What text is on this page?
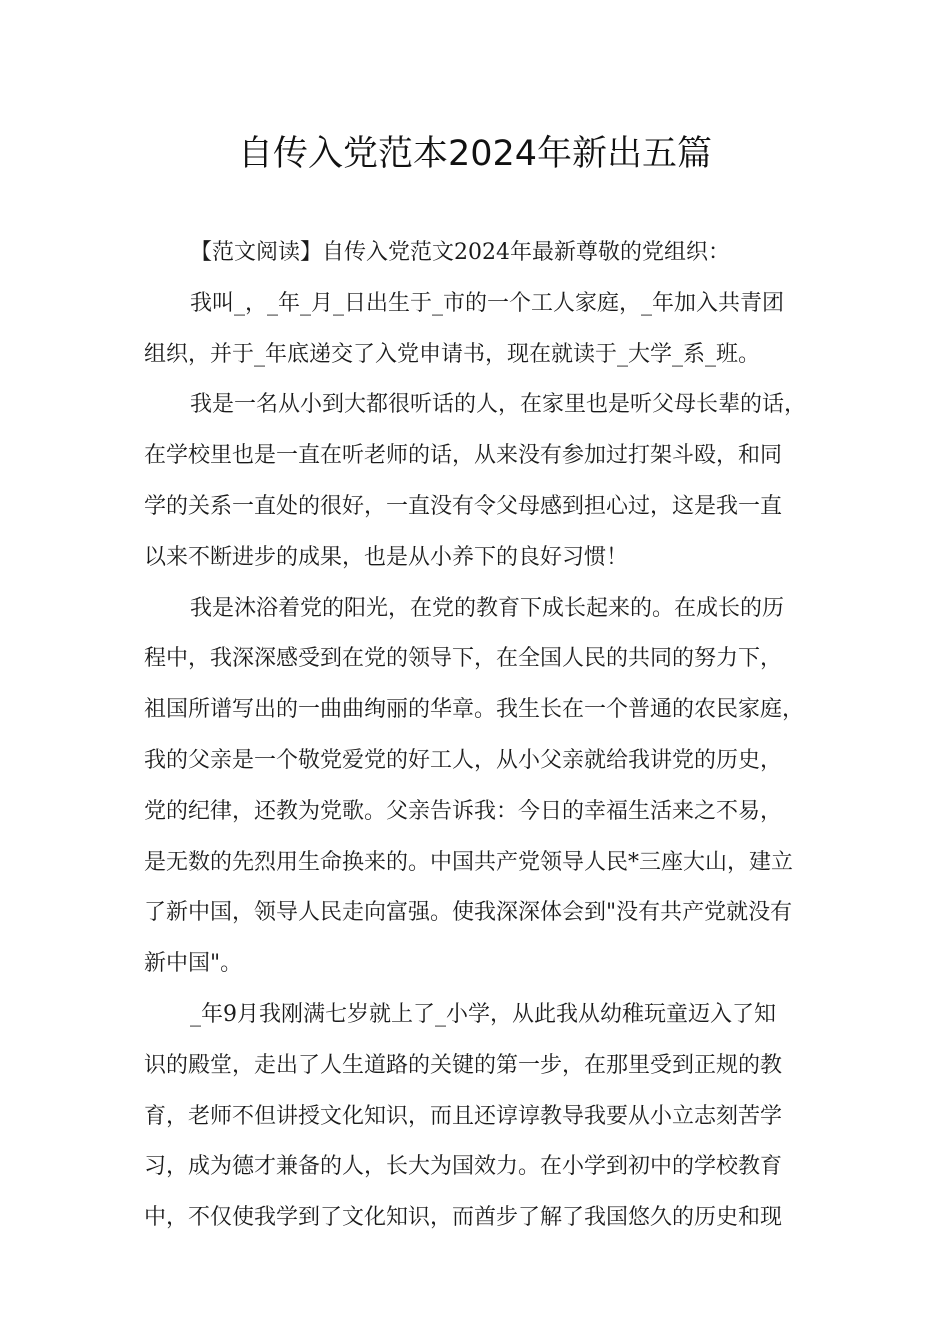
自传入党范本2024年新出五篇
【范文阅读】自传入党范文2024年最新尊敬的党组织：
我叫_，_年_月_日出生于_市的一个工人家庭，_年加入共青团
组织，并于_年底递交了入党申请书，现在就读于_大学_系_班。
我是一名从小到大都很听话的人，在家里也是听父母长辈的话，
在学校里也是一直在听老师的话，从来没有参加过打架斗殴，和同
学的关系一直处的很好，一直没有令父母感到担心过，这是我一直
以来不断进步的成果，也是从小养下的良好习惯！
我是沐浴着党的阳光，在党的教育下成长起来的。在成长的历
程中，我深深感受到在党的领导下，在全国人民的共同的努力下，
祖国所谱写出的一曲曲绚丽的华章。我生长在一个普通的农民家庭，
我的父亲是一个敬党爱党的好工人，从小父亲就给我讲党的历史，
党的纪律，还教为党歌。父亲告诉我：今日的幸福生活来之不易，
是无数的先烈用生命换来的。中国共产党领导人民*三座大山，建立
了新中国，领导人民走向富强。使我深深体会到"没有共产党就没有
新中国"。
_年9月我刚满七岁就上了_小学，从此我从幼稚玩童迈入了知
识的殿堂，走出了人生道路的关键的第一步，在那里受到正规的教
育，老师不但讲授文化知识，而且还谆谆教导我要从小立志刻苦学
习，成为德才兼备的人，长大为国效力。在小学到初中的学校教育
中，不仅使我学到了文化知识，而酋步了解了我国悠久的历史和现
